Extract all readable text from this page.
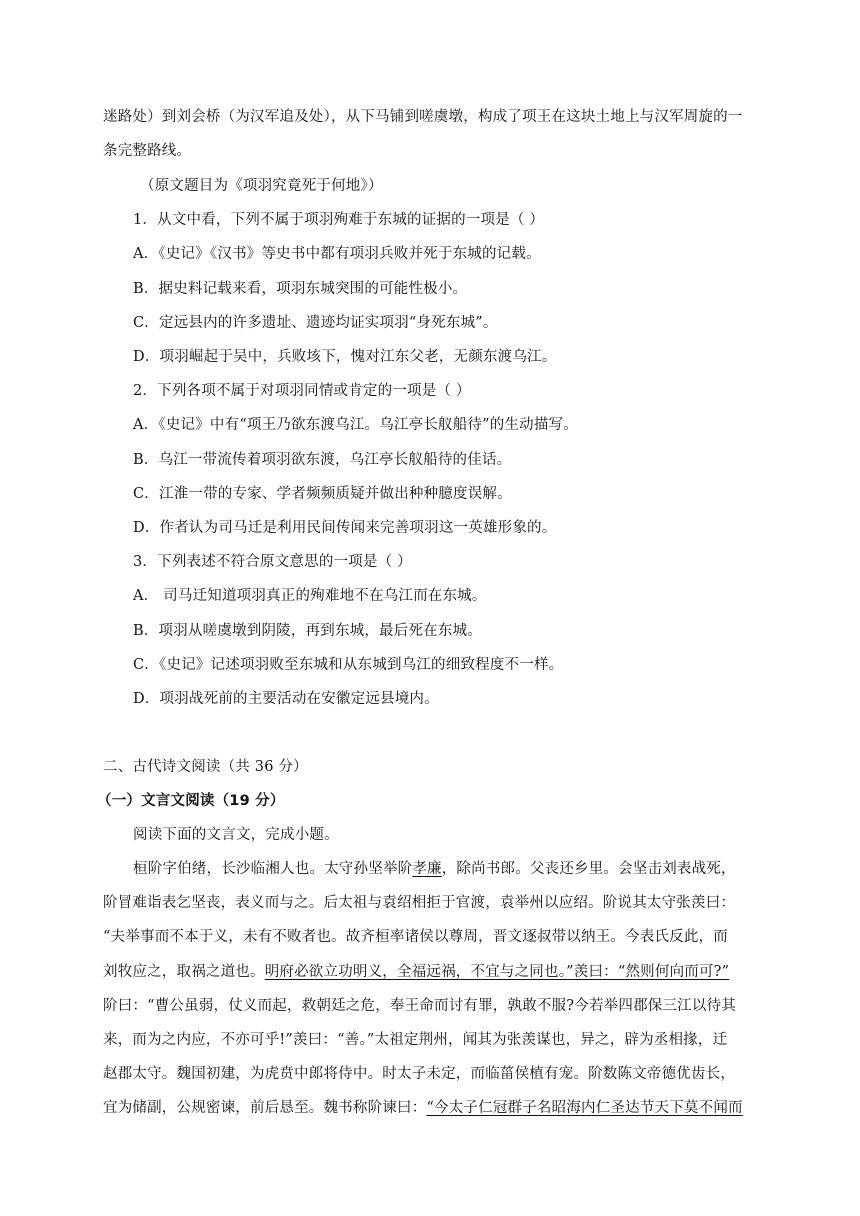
迷路处）到刘会桥（为汉军追及处），从下马铺到嗟虞墩，构成了项王在这块土地上与汉军周旋的一
条完整路线。
（原文题目为《项羽究竟死于何地》）
1．从文中看，下列不属于项羽殉难于东城的证据的一项是（ ）
A．《史记》《汉书》等史书中都有项羽兵败并死于东城的记载。
B．据史料记载来看，项羽东城突围的可能性极小。
C．定远县内的许多遗址、遗迹均证实项羽“身死东城”。
D．项羽崛起于吴中，兵败垓下，愧对江东父老，无颜东渡乌江。
2．下列各项不属于对项羽同情或肯定的一项是（ ）
A．《史记》中有“项王乃欲东渡乌江。乌江亭长舣船待”的生动描写。
B．乌江一带流传着项羽欲东渡，乌江亭长舣船待的佳话。
C．江淮一带的专家、学者频频质疑并做出种种臆度误解。
D．作者认为司马迁是利用民间传闻来完善项羽这一英雄形象的。
3．下列表述不符合原文意思的一项是（ ）
A． 司马迁知道项羽真正的殉难地不在乌江而在东城。
B．项羽从嗟虞墩到阴陵，再到东城，最后死在东城。
C．《史记》记述项羽败至东城和从东城到乌江的细致程度不一样。
D．项羽战死前的主要活动在安徽定远县境内。
二、古代诗文阅读（共 36 分）
（一）文言文阅读（19 分）
阅读下面的文言文，完成小题。
桓阶字伯绪，长沙临湘人也。太守孙坚举阶孝廉，除尚书郎。父丧还乡里。会坚击刘表战死，
阶冒难诣表乞坚丧，表义而与之。后太祖与袁绍相拒于官渡，袁举州以应绍。阶说其太守张羡曰：
“夫举事而不本于义，未有不败者也。故齐桓率诸侯以尊周，晋文逐叔带以纳王。今表氏反此，而
刘牧应之，取祸之道也。明府必欲立功明义，全福远祸，不宜与之同也。”羡曰：“然则何向而可?”
阶曰：“曹公虽弱，仗义而起，救朝廷之危，奉王命而讨有罪，孰敢不服?今若举四郡保三江以待其
来，而为之内应，不亦可乎!”羡曰：“善。”太祖定荆州，闻其为张羡谋也，异之，辟为丞相掾，迁
赵郡太守。魏国初建，为虎贲中郎将侍中。时太子未定，而临菑侯植有宠。阶数陈文帝德优齿长，
宜为储副，公规密谏，前后恳至。魏书称阶谏曰：“今太子仁冠群子名昭海内仁圣达节天下莫不闻而
